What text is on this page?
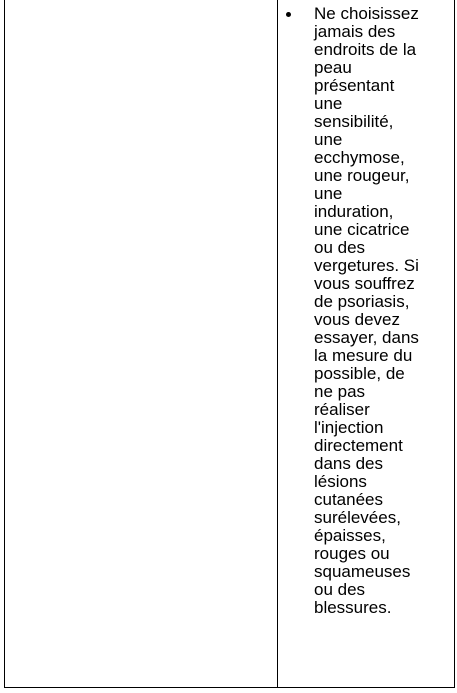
Ne choisissez jamais des endroits de la peau présentant une sensibilité, une ecchymose, une rougeur, une induration, une cicatrice ou des vergetures. Si vous souffrez de psoriasis, vous devez essayer, dans la mesure du possible, de ne pas réaliser l'injection directement dans des lésions cutanées surélevées, épaisses, rouges ou squameuses ou des blessures.
